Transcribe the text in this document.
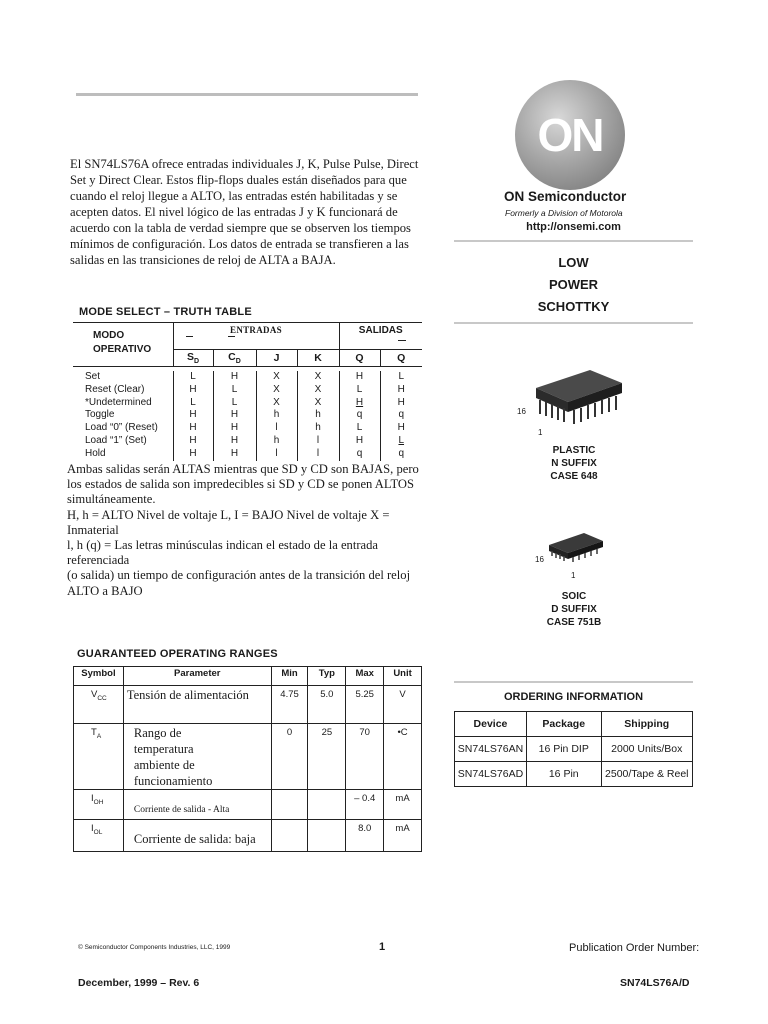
El SN74LS76A ofrece entradas individuales J, K, Pulse Pulse, Direct Set y Direct Clear. Estos flip-flops duales están diseñados para que cuando el reloj llegue a ALTO, las entradas estén habilitadas y se acepten datos. El nivel lógico de las entradas J y K funcionará de acuerdo con la tabla de verdad siempre que se observen los tiempos mínimos de configuración. Los datos de entrada se transfieren a las salidas en las transiciones de reloj de ALTA a BAJA.
MODE SELECT – TRUTH TABLE
MODO
OPERATIVO	ENTRADAS				SALIDAS	

	$S_D$	$C_D$	J	K	Q	Q

Set	L	H	X	X	H	L
Reset (Clear)	H	L	X	X	L	H
*Undetermined	L	L	X	X	H	H
Toggle	H	H	h	h	q	q
Load “0” (Reset)	H	H	l	h	L	H
Load “1” (Set)	H	H	h	l	H	L
Hold	H	H	l	l	q	q
Ambas salidas serán ALTAS mientras que SD y CD son BAJAS, pero los estados de salida son impredecibles si SD y CD se ponen ALTOS simultáneamente.
H, h = ALTO Nivel de voltaje L, I = BAJO Nivel de voltaje X = Inmaterial
l, h (q) = Las letras minúsculas indican el estado de la entrada referenciada
(o salida) un tiempo de configuración antes de la transición del reloj ALTO a BAJO
GUARANTEED OPERATING RANGES
Symbol	Parameter	Min	Typ	Max	Unit
$V_{CC}$	Tensión de alimentación	4.75	5.0	5.25	V
$T_A$	Rango de temperatura ambiente de funcionamiento	0	25	70	•C
$I_{OH}$	Corriente de salida - Alta			– 0.4	mA
$I_{OL}$	Corriente de salida: baja			8.0	mA
ON
ON Semiconductor
Formerly a Division of Motorola
http://onsemi.com
LOW
POWER
SCHOTTKY
16
1
PLASTIC
N SUFFIX
CASE 648
16
1
SOIC
D SUFFIX
CASE 751B
ORDERING INFORMATION
Device	Package	Shipping
SN74LS76AN	16 Pin DIP	2000 Units/Box
SN74LS76AD	16 Pin	2500/Tape & Reel
© Semiconductor Components Industries, LLC, 1999	1	Publication Order Number:
December, 1999 – Rev. 6	SN74LS76A/D
